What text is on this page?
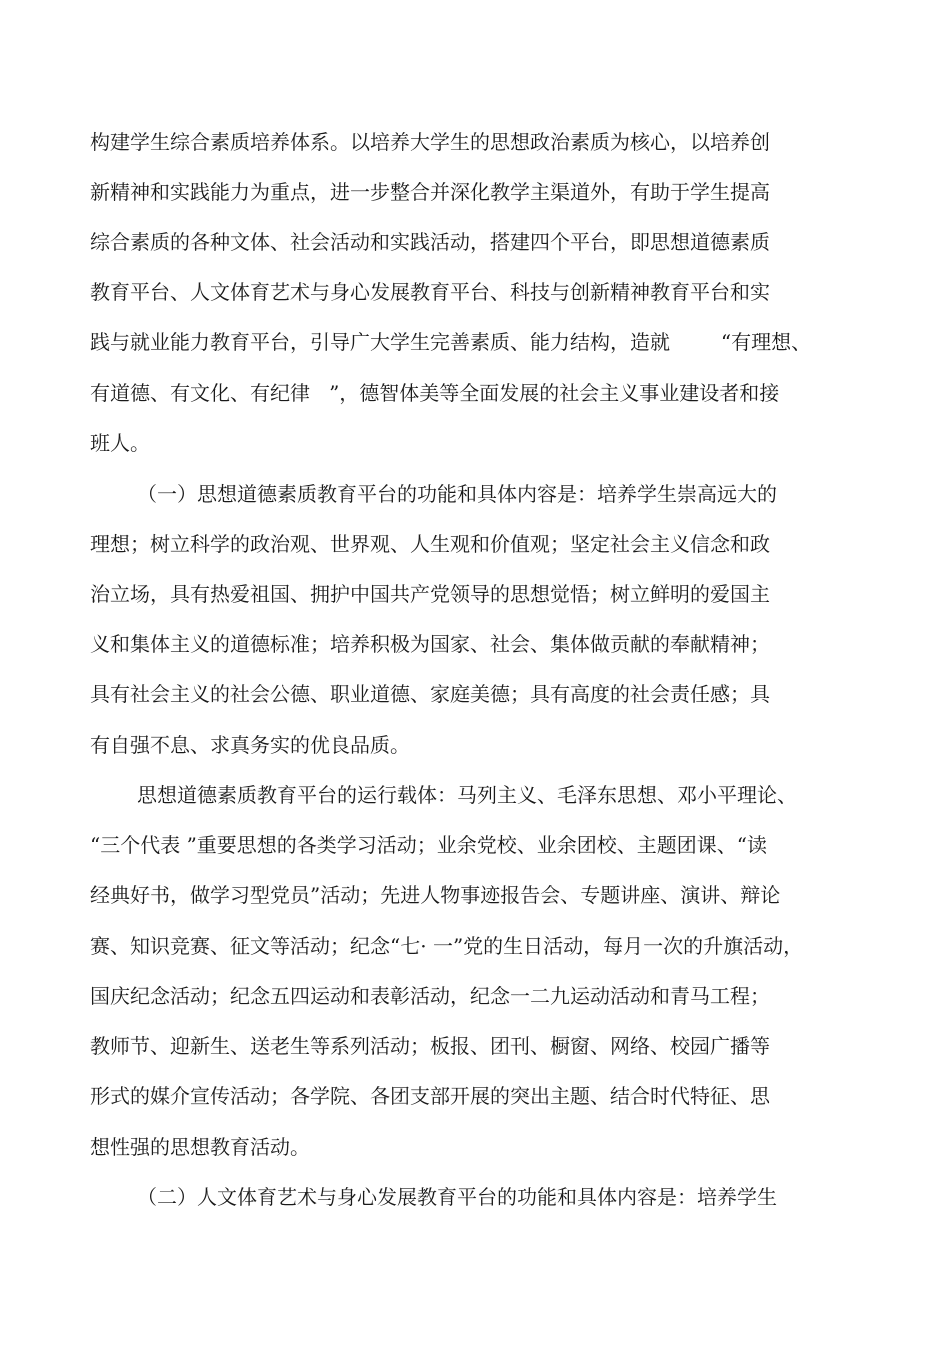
构建学生综合素质培养体系。以培养大学生的思想政治素质为核心，以培养创

新精神和实践能力为重点，进一步整合并深化教学主渠道外，有助于学生提高

综合素质的各种文体、社会活动和实践活动，搭建四个平台，即思想道德素质

教育平台、人文体育艺术与身心发展教育平台、科技与创新精神教育平台和实

践与就业能力教育平台，引导广大学生完善素质、能力结构，造就        “有理想、

有道德、有文化、有纪律   ”，德智体美等全面发展的社会主义事业建设者和接

班人。

（一）思想道德素质教育平台的功能和具体内容是：培养学生崇高远大的

理想；树立科学的政治观、世界观、人生观和价值观；坚定社会主义信念和政

治立场，具有热爱祖国、拥护中国共产党领导的思想觉悟；树立鲜明的爱国主

义和集体主义的道德标准；培养积极为国家、社会、集体做贡献的奉献精神；

具有社会主义的社会公德、职业道德、家庭美德；具有高度的社会责任感；具

有自强不息、求真务实的优良品质。

思想道德素质教育平台的运行载体：马列主义、毛泽东思想、邓小平理论、

“三个代表 ”重要思想的各类学习活动；业余党校、业余团校、主题团课、“读

经典好书，做学习型党员”活动；先进人物事迹报告会、专题讲座、演讲、辩论

赛、知识竞赛、征文等活动；纪念“七· 一”党的生日活动，每月一次的升旗活动，

国庆纪念活动；纪念五四运动和表彰活动，纪念一二九运动活动和青马工程；

教师节、迎新生、送老生等系列活动；板报、团刊、橱窗、网络、校园广播等

形式的媒介宣传活动；各学院、各团支部开展的突出主题、结合时代特征、思

想性强的思想教育活动。

（二）人文体育艺术与身心发展教育平台的功能和具体内容是：培养学生
